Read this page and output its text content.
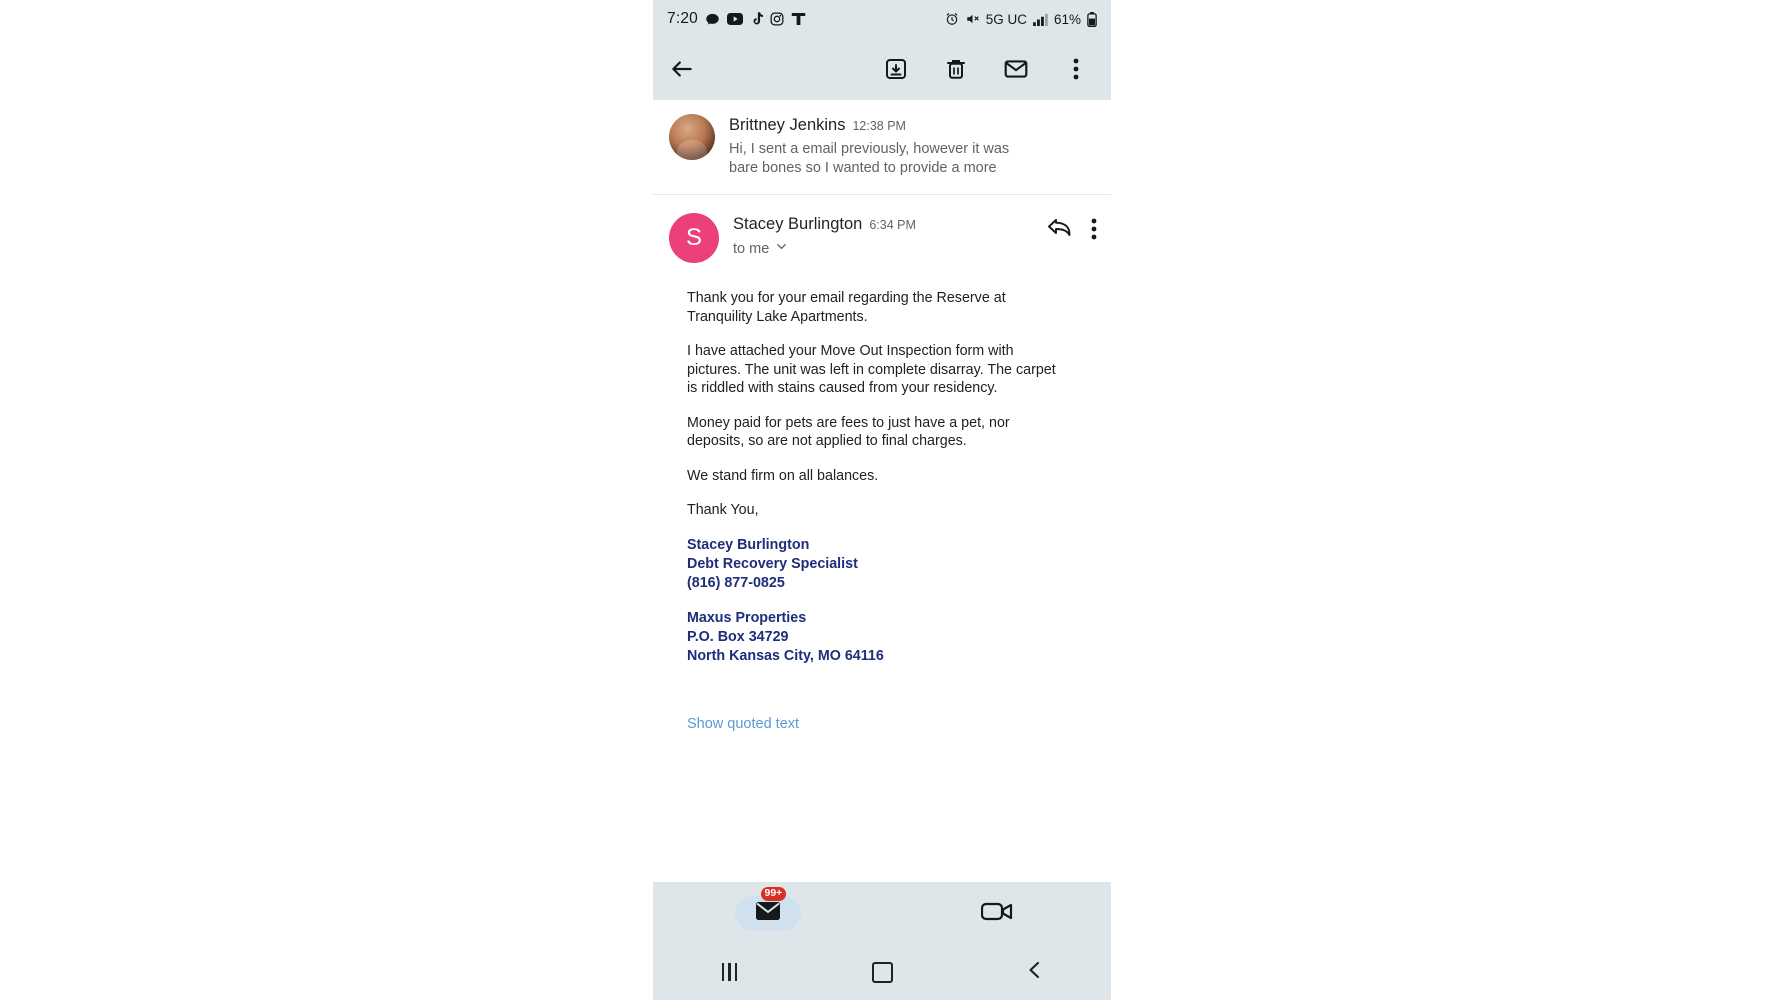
7:20	5G UC 61%
Brittney Jenkins 12:38 PM
Hi, I sent a email previously, however it was bare bones so I wanted to provide a more
S	Stacey Burlington 6:34 PM
to me

Thank you for your email regarding the Reserve at Tranquility Lake Apartments.

I have attached your Move Out Inspection form with pictures. The unit was left in complete disarray. The carpet is riddled with stains caused from your residency.

Money paid for pets are fees to just have a pet, nor deposits, so are not applied to final charges.

We stand firm on all balances.

Thank You,

Stacey Burlington
Debt Recovery Specialist
(816) 877-0825
Maxus Properties
P.O. Box 34729
North Kansas City, MO 64116
Show quoted text
99+
